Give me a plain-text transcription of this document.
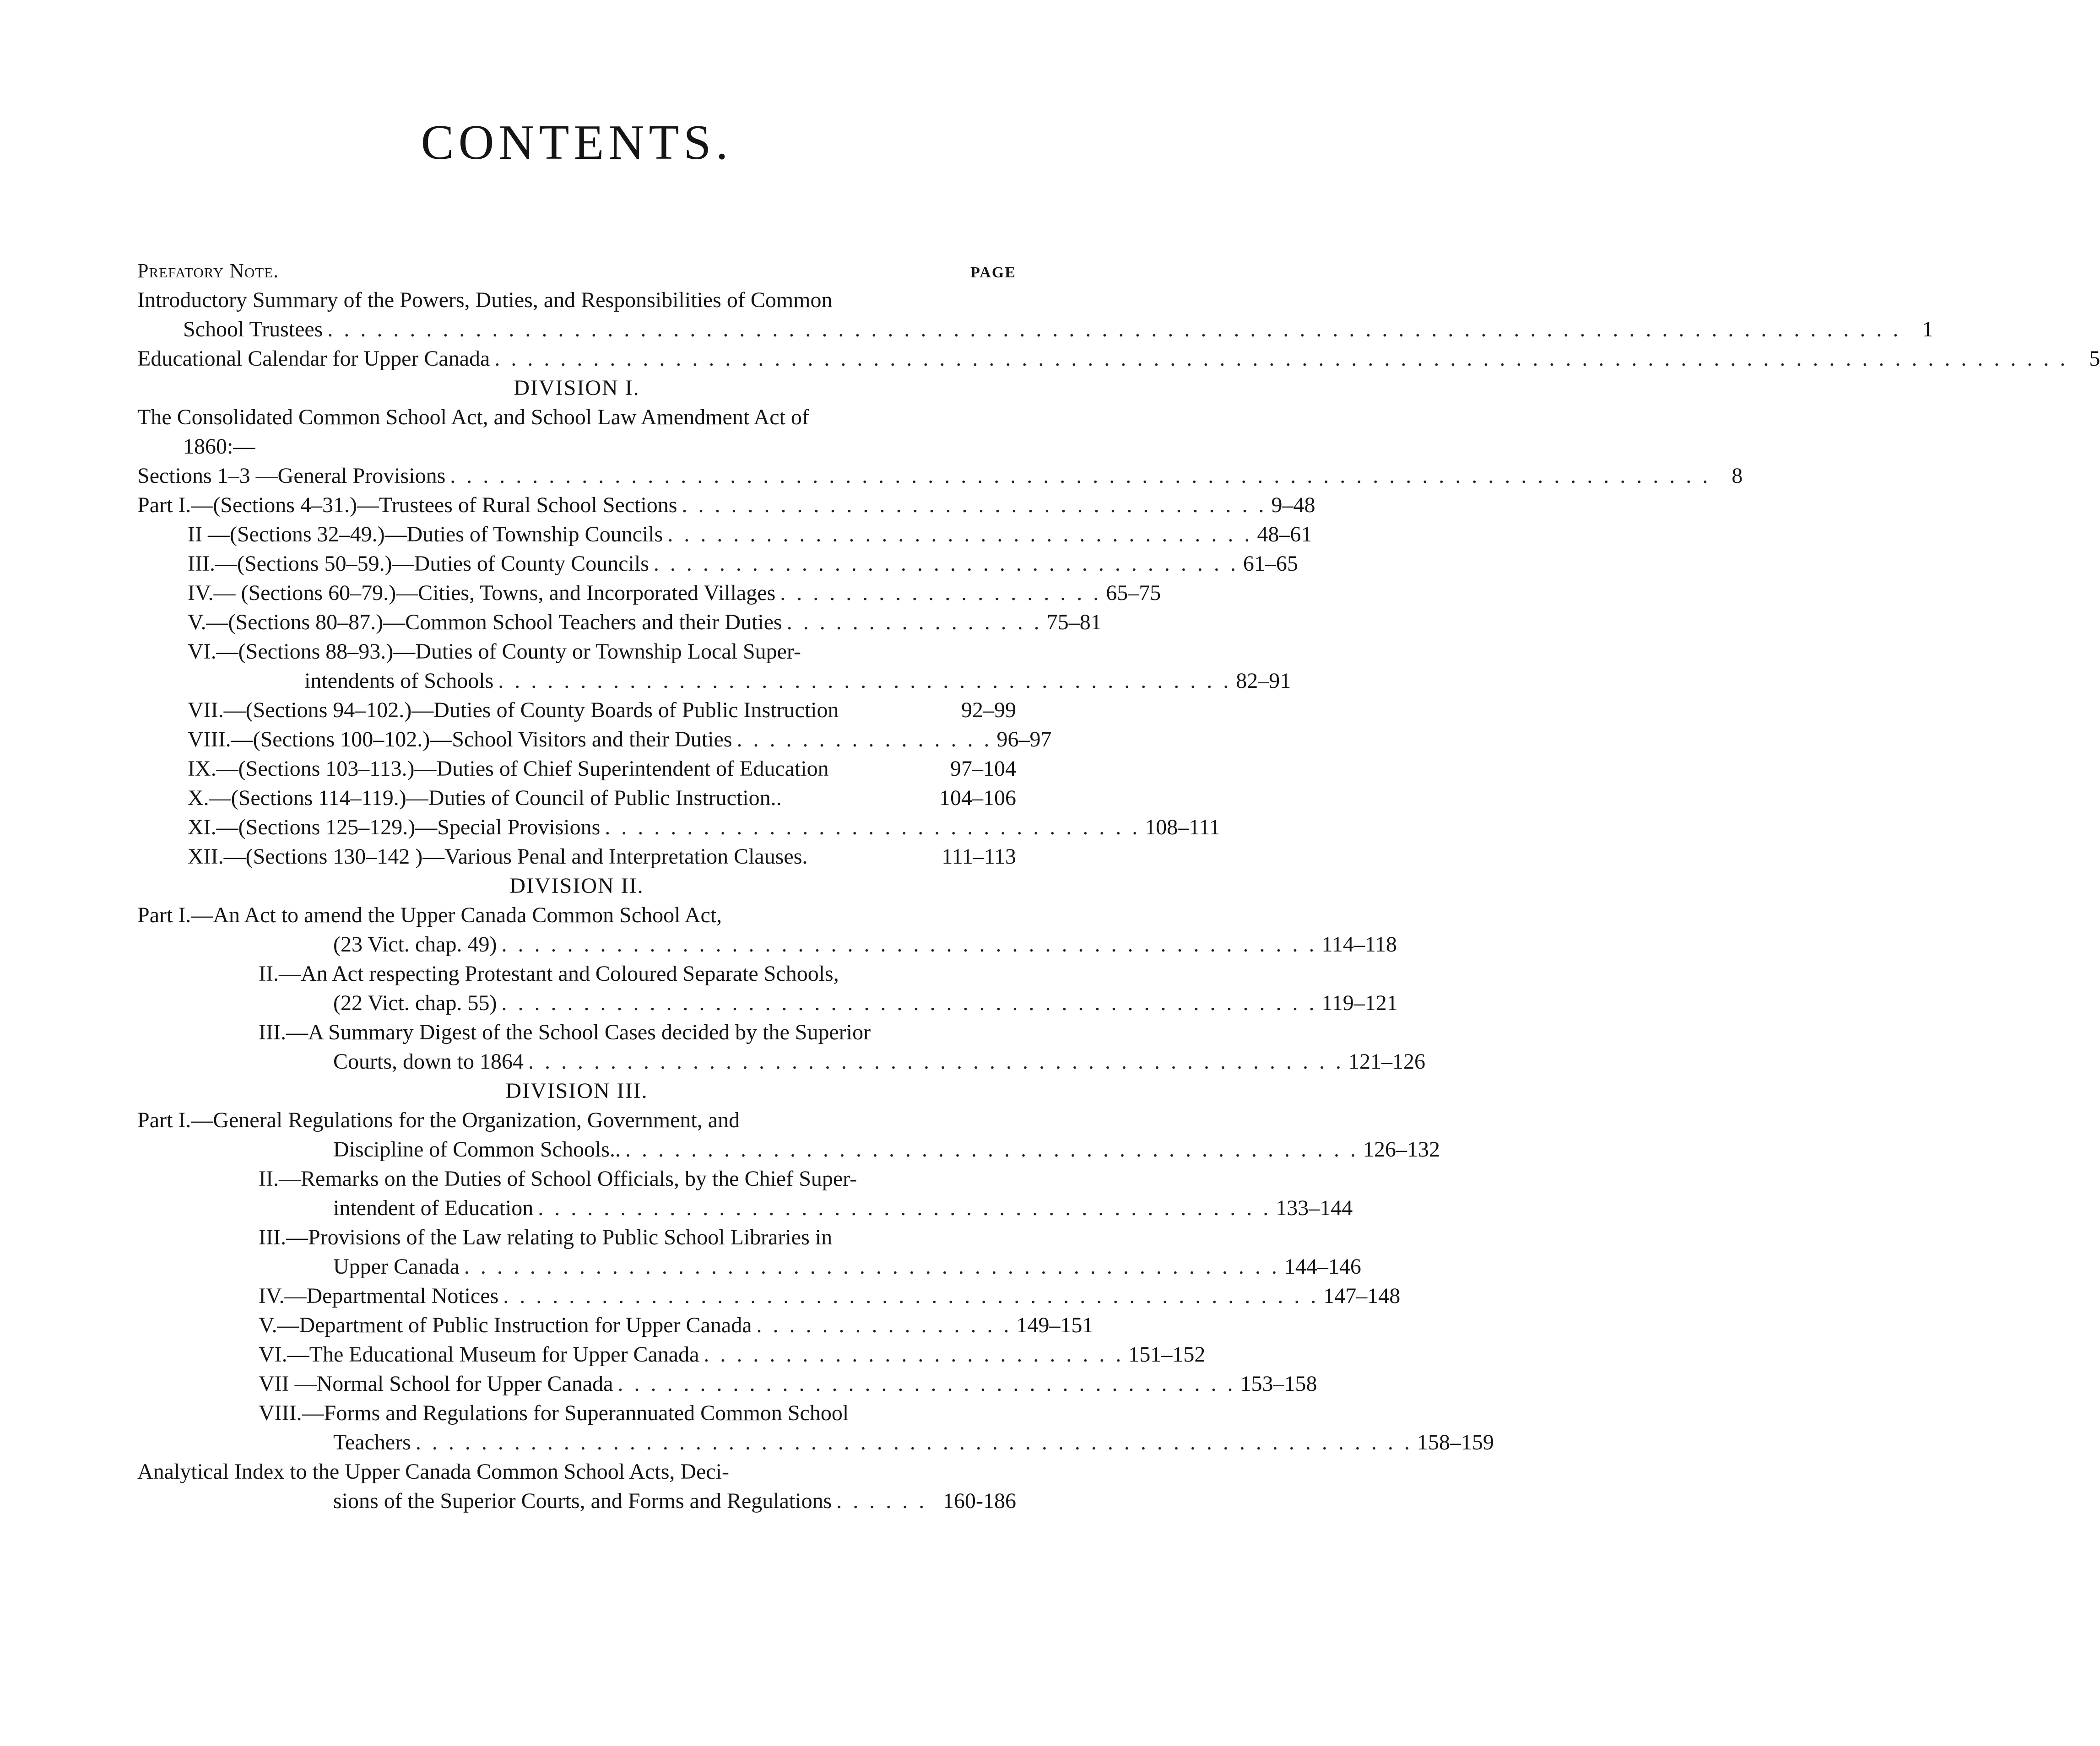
CONTENTS.
Prefatory Note.	PAGE
Introductory Summary of the Powers, Duties, and Responsibilities of Common
School Trustees . . . . . . . . . . . . . . . . . . . . . . . . . . . . . . . . . . . . . . . . . . . . . . . . . . . . . . . . . . . . . . . . . . . . . . . . . . . . . . . . . . . . . . . . . . . . . . . . 1
Educational Calendar for Upper Canada . . . . . . . . . . . . . . . . . . . . . . . . . . . . . . . . . . . . . . . . . . . . . . . . . . . . . . . . . . . . . . . . . . . . . . . . . . . . . . . . . . . . . . . . . . . . . . . . 5
DIVISION I.
The Consolidated Common School Act, and School Law Amendment Act of
1860:—
Sections 1–3 —General Provisions . . . . . . . . . . . . . . . . . . . . . . . . . . . . . . . . . . . . . . . . . . . . . . . . . . . . . . . . . . . . . . . . . . . . . . . . . . . . . 8
Part I.—(Sections 4–31.)—Trustees of Rural School Sections . . . . . . . . . . . . . . . . . . . . . . . . . . . . . . . . . . . . 9–48
II —(Sections 32–49.)—Duties of Township Councils . . . . . . . . . . . . . . . . . . . . . . . . . . . . . . . . . . . . 48–61
III.—(Sections 50–59.)—Duties of County Councils . . . . . . . . . . . . . . . . . . . . . . . . . . . . . . . . . . . . 61–65
IV.— (Sections 60–79.)—Cities, Towns, and Incorporated Villages . . . . . . . . . . . . . . . . . . . . 65–75
V.—(Sections 80–87.)—Common School Teachers and their Duties . . . . . . . . . . . . . . . . 75–81
VI.—(Sections 88–93.)—Duties of County or Township Local Super-
intendents of Schools . . . . . . . . . . . . . . . . . . . . . . . . . . . . . . . . . . . . . . . . . . . . . 82–91
VII.—(Sections 94–102.)—Duties of County Boards of Public Instruction	92–99
VIII.—(Sections 100–102.)—School Visitors and their Duties . . . . . . . . . . . . . . . . 96–97
IX.—(Sections 103–113.)—Duties of Chief Superintendent of Education	97–104
X.—(Sections 114–119.)—Duties of Council of Public Instruction..	104–106
XI.—(Sections 125–129.)—Special Provisions . . . . . . . . . . . . . . . . . . . . . . . . . . . . . . . . . 108–111
XII.—(Sections 130–142 )—Various Penal and Interpretation Clauses.	111–113
DIVISION II.
Part I.—An Act to amend the Upper Canada Common School Act,
(23 Vict. chap. 49) . . . . . . . . . . . . . . . . . . . . . . . . . . . . . . . . . . . . . . . . . . . . . . . . . . 114–118
II.—An Act respecting Protestant and Coloured Separate Schools,
(22 Vict. chap. 55) . . . . . . . . . . . . . . . . . . . . . . . . . . . . . . . . . . . . . . . . . . . . . . . . . . 119–121
III.—A Summary Digest of the School Cases decided by the Superior
Courts, down to 1864 . . . . . . . . . . . . . . . . . . . . . . . . . . . . . . . . . . . . . . . . . . . . . . . . . . 121–126
DIVISION III.
Part I.—General Regulations for the Organization, Government, and
Discipline of Common Schools.. . . . . . . . . . . . . . . . . . . . . . . . . . . . . . . . . . . . . . . . . . . . . . 126–132
II.—Remarks on the Duties of School Officials, by the Chief Super-
intendent of Education . . . . . . . . . . . . . . . . . . . . . . . . . . . . . . . . . . . . . . . . . . . . . 133–144
III.—Provisions of the Law relating to Public School Libraries in
Upper Canada . . . . . . . . . . . . . . . . . . . . . . . . . . . . . . . . . . . . . . . . . . . . . . . . . . 144–146
IV.—Departmental Notices . . . . . . . . . . . . . . . . . . . . . . . . . . . . . . . . . . . . . . . . . . . . . . . . . . 147–148
V.—Department of Public Instruction for Upper Canada . . . . . . . . . . . . . . . . 149–151
VI.—The Educational Museum for Upper Canada . . . . . . . . . . . . . . . . . . . . . . . . . . 151–152
VII —Normal School for Upper Canada . . . . . . . . . . . . . . . . . . . . . . . . . . . . . . . . . . . . . . 153–158
VIII.—Forms and Regulations for Superannuated Common School
Teachers . . . . . . . . . . . . . . . . . . . . . . . . . . . . . . . . . . . . . . . . . . . . . . . . . . . . . . . . . . . . . 158–159
Analytical Index to the Upper Canada Common School Acts, Deci-
sions of the Superior Courts, and Forms and Regulations . . . . . . 160-186
